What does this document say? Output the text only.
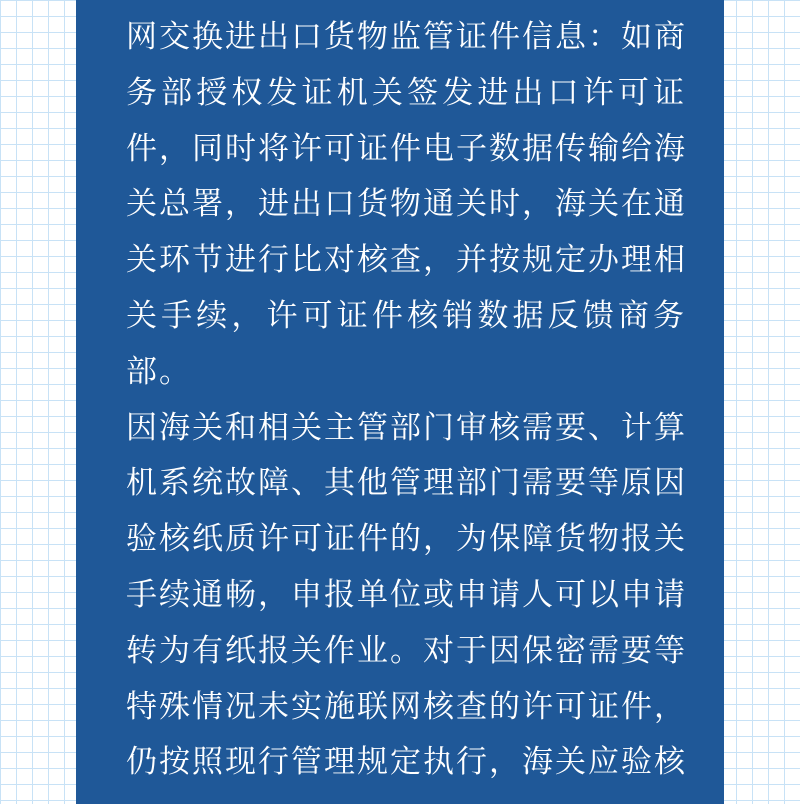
网交换进出口货物监管证件信息：如商
务部授权发证机关签发进出口许可证
件，同时将许可证件电子数据传输给海
关总署，进出口货物通关时，海关在通
关环节进行比对核查，并按规定办理相
关手续，许可证件核销数据反馈商务
部。
因海关和相关主管部门审核需要、计算
机系统故障、其他管理部门需要等原因
验核纸质许可证件的，为保障货物报关
手续通畅，申报单位或申请人可以申请
转为有纸报关作业。对于因保密需要等
特殊情况未实施联网核查的许可证件，
仍按照现行管理规定执行，海关应验核
